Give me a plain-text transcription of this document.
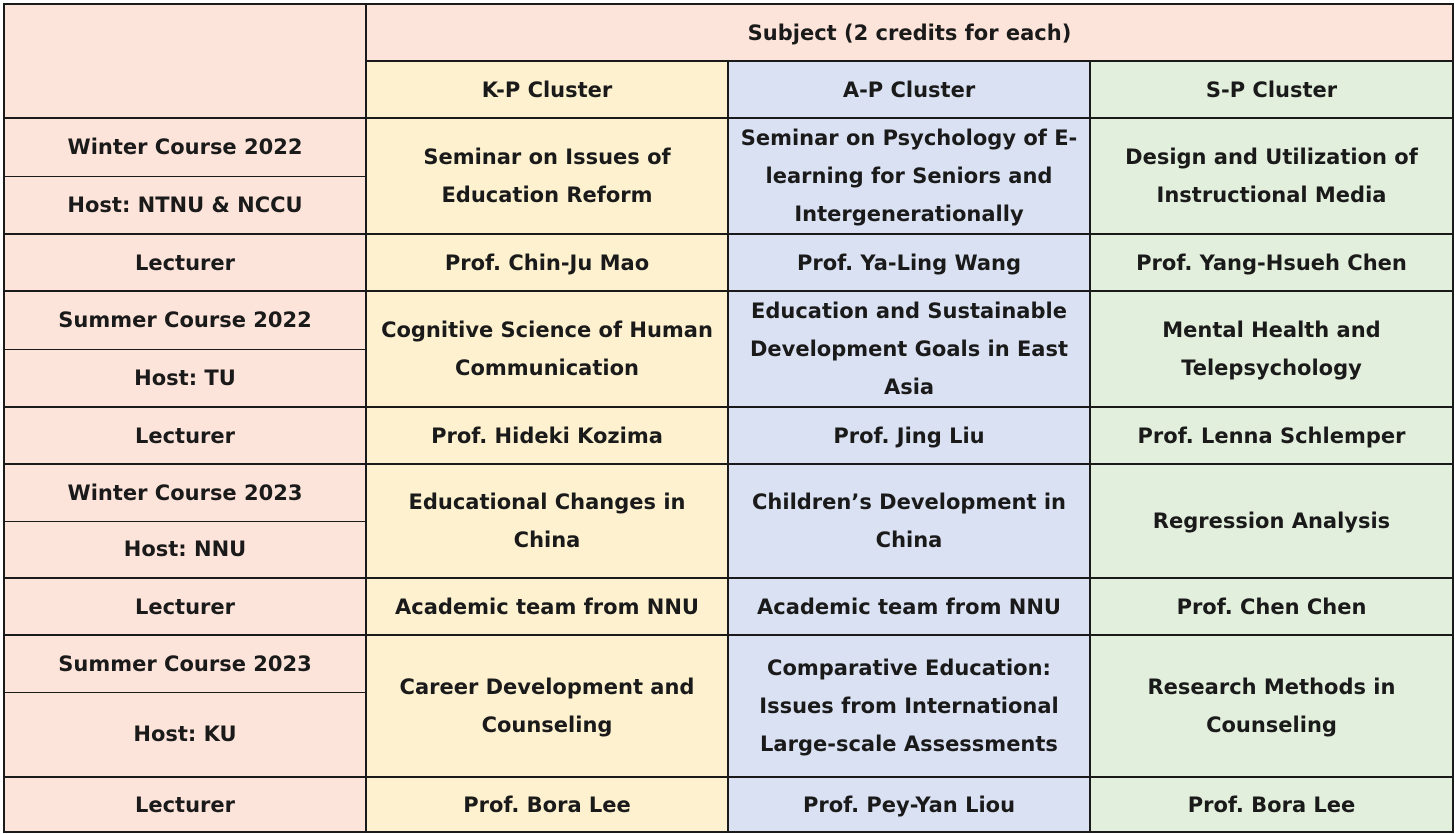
	Subject (2 credits for each)		
	K-P Cluster	A-P Cluster	S-P Cluster
Winter Course 2022	Seminar on Issues of Education Reform	Seminar on Psychology of E-learning for Seniors and Intergenerationally	Design and Utilization of Instructional Media
Host: NTNU & NCCU			
Lecturer	Prof. Chin-Ju Mao	Prof. Ya-Ling Wang	Prof. Yang-Hsueh Chen
Summer Course 2022	Cognitive Science of Human Communication	Education and Sustainable Development Goals in East Asia	Mental Health and Telepsychology
Host: TU			
Lecturer	Prof. Hideki Kozima	Prof. Jing Liu	Prof. Lenna Schlemper
Winter Course 2023	Educational Changes in China	Children’s Development in China	Regression Analysis
Host: NNU			
Lecturer	Academic team from NNU	Academic team from NNU	Prof. Chen Chen
Summer Course 2023	Career Development and Counseling	Comparative Education: Issues from International Large-scale Assessments	Research Methods in Counseling
Host: KU			
Lecturer	Prof. Bora Lee	Prof. Pey-Yan Liou	Prof. Bora Lee
